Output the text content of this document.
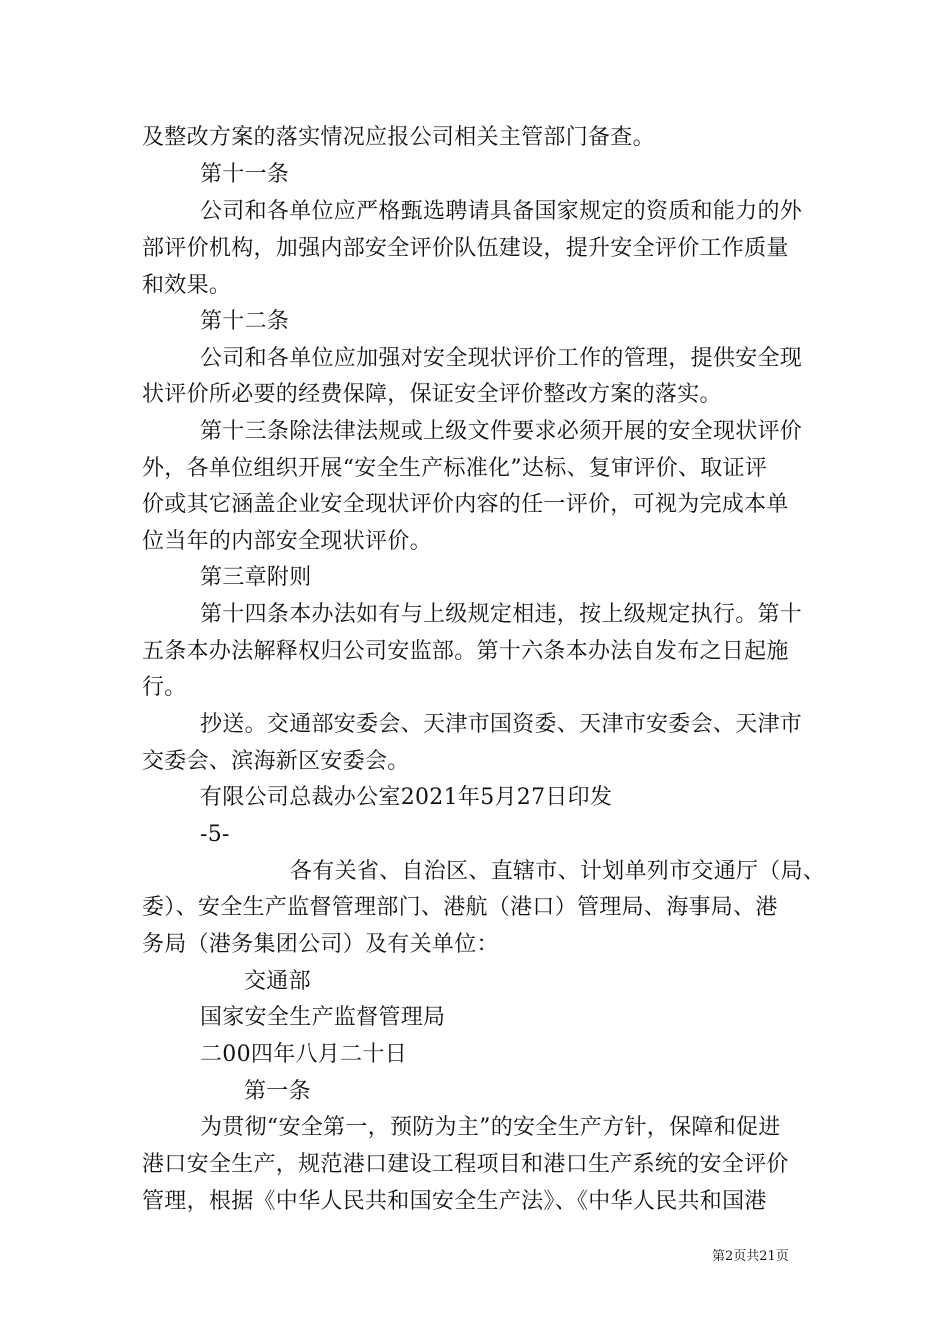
及整改方案的落实情况应报公司相关主管部门备查。
第十一条
公司和各单位应严格甄选聘请具备国家规定的资质和能力的外
部评价机构，加强内部安全评价队伍建设，提升安全评价工作质量
和效果。
第十二条
公司和各单位应加强对安全现状评价工作的管理，提供安全现
状评价所必要的经费保障，保证安全评价整改方案的落实。
第十三条除法律法规或上级文件要求必须开展的安全现状评价
外，各单位组织开展“安全生产标准化”达标、复审评价、取证评
价或其它涵盖企业安全现状评价内容的任一评价，可视为完成本单
位当年的内部安全现状评价。
第三章附则
第十四条本办法如有与上级规定相违，按上级规定执行。第十
五条本办法解释权归公司安监部。第十六条本办法自发布之日起施
行。
抄送。交通部安委会、天津市国资委、天津市安委会、天津市
交委会、滨海新区安委会。
有限公司总裁办公室2021年5月27日印发
-5-
各有关省、自治区、直辖市、计划单列市交通厅（局、
委）、安全生产监督管理部门、港航（港口）管理局、海事局、港
务局（港务集团公司）及有关单位：
交通部
国家安全生产监督管理局
二00四年八月二十日
第一条
为贯彻“安全第一，预防为主”的安全生产方针，保障和促进
港口安全生产，规范港口建设工程项目和港口生产系统的安全评价
管理，根据《中华人民共和国安全生产法》、《中华人民共和国港
第2页共21页
